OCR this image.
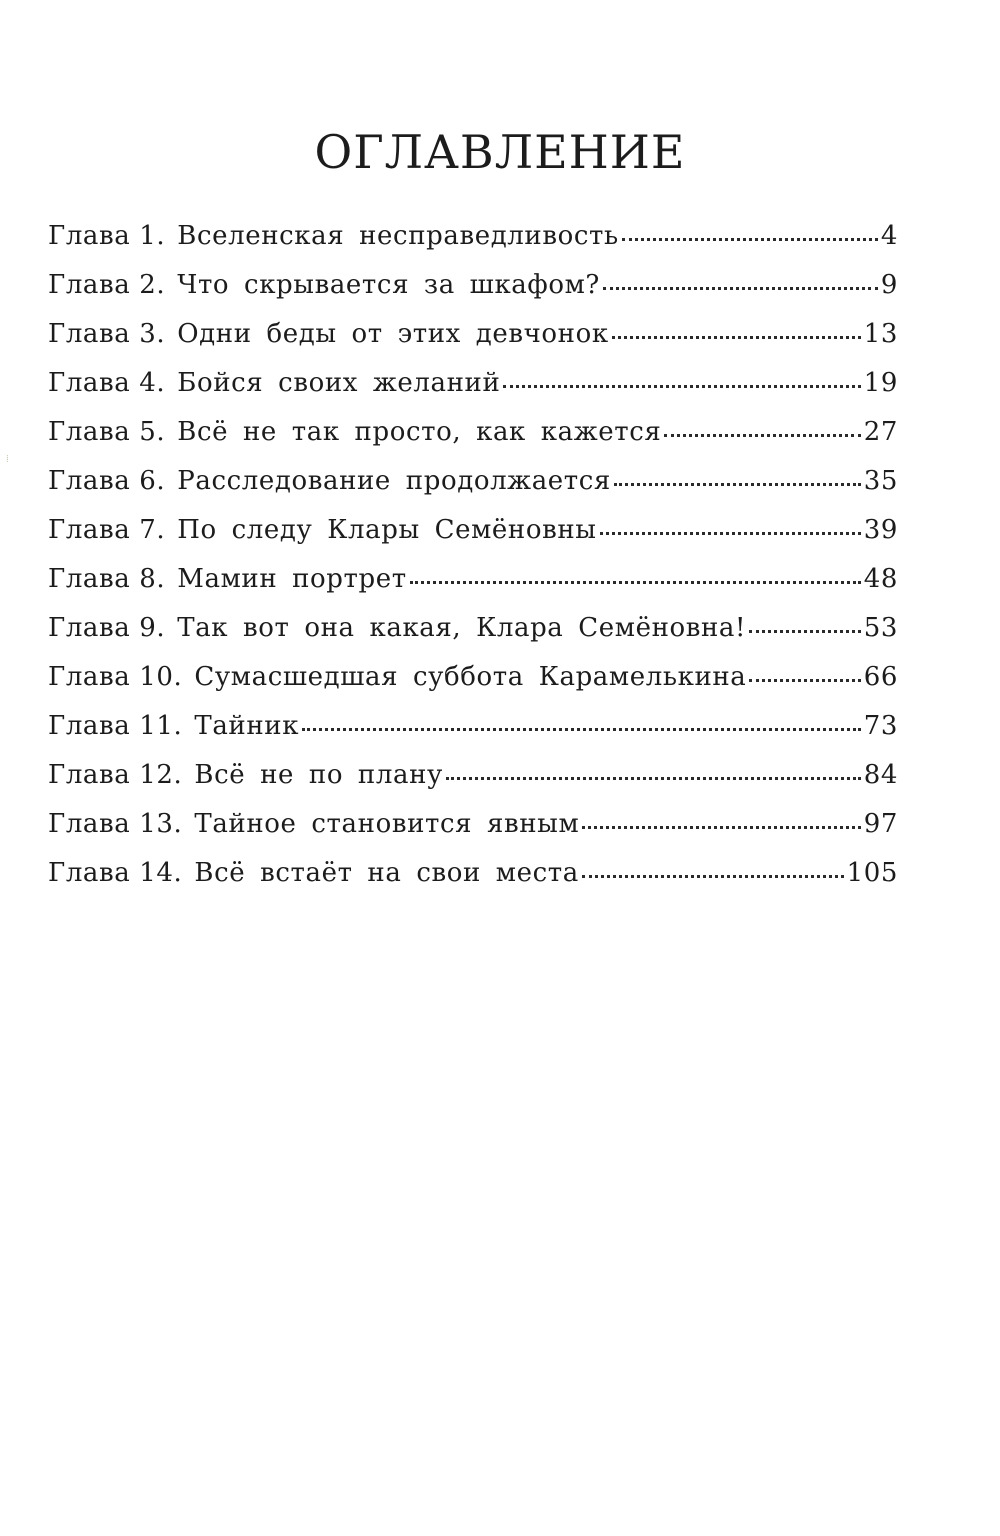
ОГЛАВЛЕНИЕ
Глава 1. Вселенская несправедливость	4
Глава 2. Что скрывается за шкафом?	9
Глава 3. Одни беды от этих девчонок	13
Глава 4. Бойся своих желаний	19
Глава 5. Всё не так просто, как кажется	27
Глава 6. Расследование продолжается	35
Глава 7. По следу Клары Семёновны	39
Глава 8. Мамин портрет	48
Глава 9. Так вот она какая, Клара Семёновна!	53
Глава 10. Сумасшедшая суббота Карамелькина	66
Глава 11. Тайник	73
Глава 12. Всё не по плану	84
Глава 13. Тайное становится явным	97
Глава 14. Всё встаёт на свои места	105
⁞
